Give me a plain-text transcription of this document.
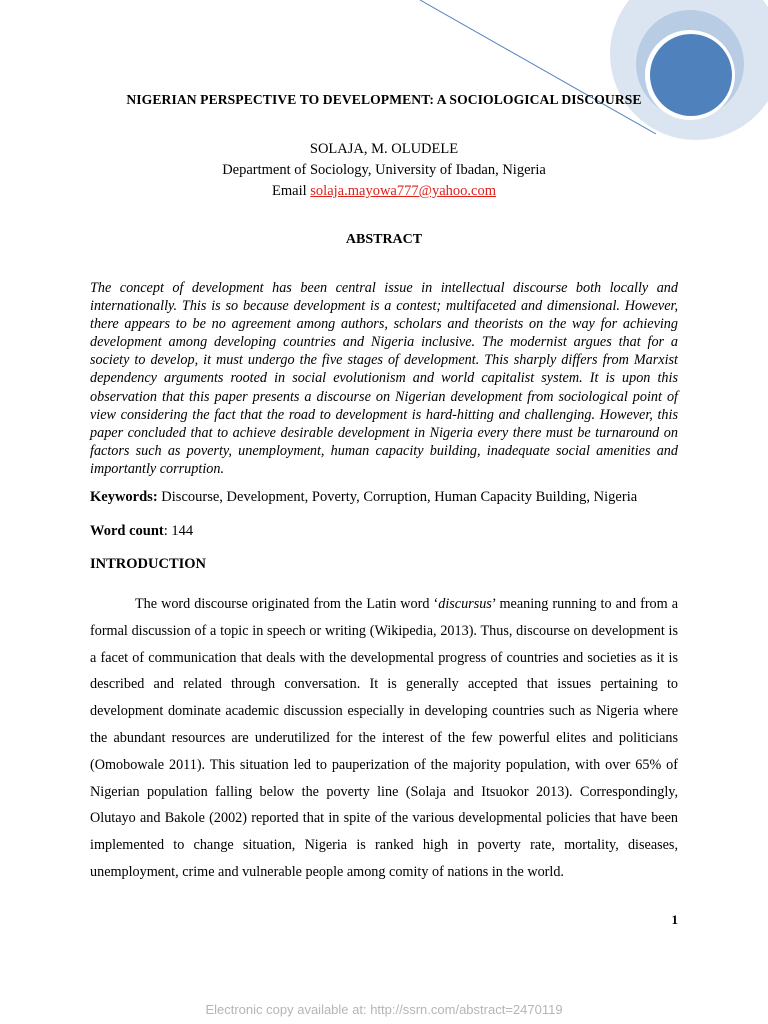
NIGERIAN PERSPECTIVE TO DEVELOPMENT: A SOCIOLOGICAL DISCOURSE
SOLAJA, M. OLUDELE
Department of Sociology, University of Ibadan, Nigeria
Email solaja.mayowa777@yahoo.com
ABSTRACT

The concept of development has been central issue in intellectual discourse both locally and internationally. This is so because development is a contest; multifaceted and dimensional. However, there appears to be no agreement among authors, scholars and theorists on the way for achieving development among developing countries and Nigeria inclusive. The modernist argues that for a society to develop, it must undergo the five stages of development. This sharply differs from Marxist dependency arguments rooted in social evolutionism and world capitalist system. It is upon this observation that this paper presents a discourse on Nigerian development from sociological point of view considering the fact that the road to development is hard-hitting and challenging. However, this paper concluded that to achieve desirable development in Nigeria every there must be turnaround on factors such as poverty, unemployment, human capacity building, inadequate social amenities and importantly corruption.

Keywords: Discourse, Development, Poverty, Corruption, Human Capacity Building, Nigeria
Word count: 144
INTRODUCTION

The word discourse originated from the Latin word ‘discursus’ meaning running to and from a formal discussion of a topic in speech or writing (Wikipedia, 2013). Thus, discourse on development is a facet of communication that deals with the developmental progress of countries and societies as it is described and related through conversation. It is generally accepted that issues pertaining to development dominate academic discussion especially in developing countries such as Nigeria where the abundant resources are underutilized for the interest of the few powerful elites and politicians (Omobowale 2011). This situation led to pauperization of the majority population, with over 65% of Nigerian population falling below the poverty line (Solaja and Itsuokor 2013). Correspondingly, Olutayo and Bakole (2002) reported that in spite of the various developmental policies that have been implemented to change situation, Nigeria is ranked high in poverty rate, mortality, diseases, unemployment, crime and vulnerable people among comity of nations in the world.

1
Electronic copy available at: http://ssrn.com/abstract=2470119
